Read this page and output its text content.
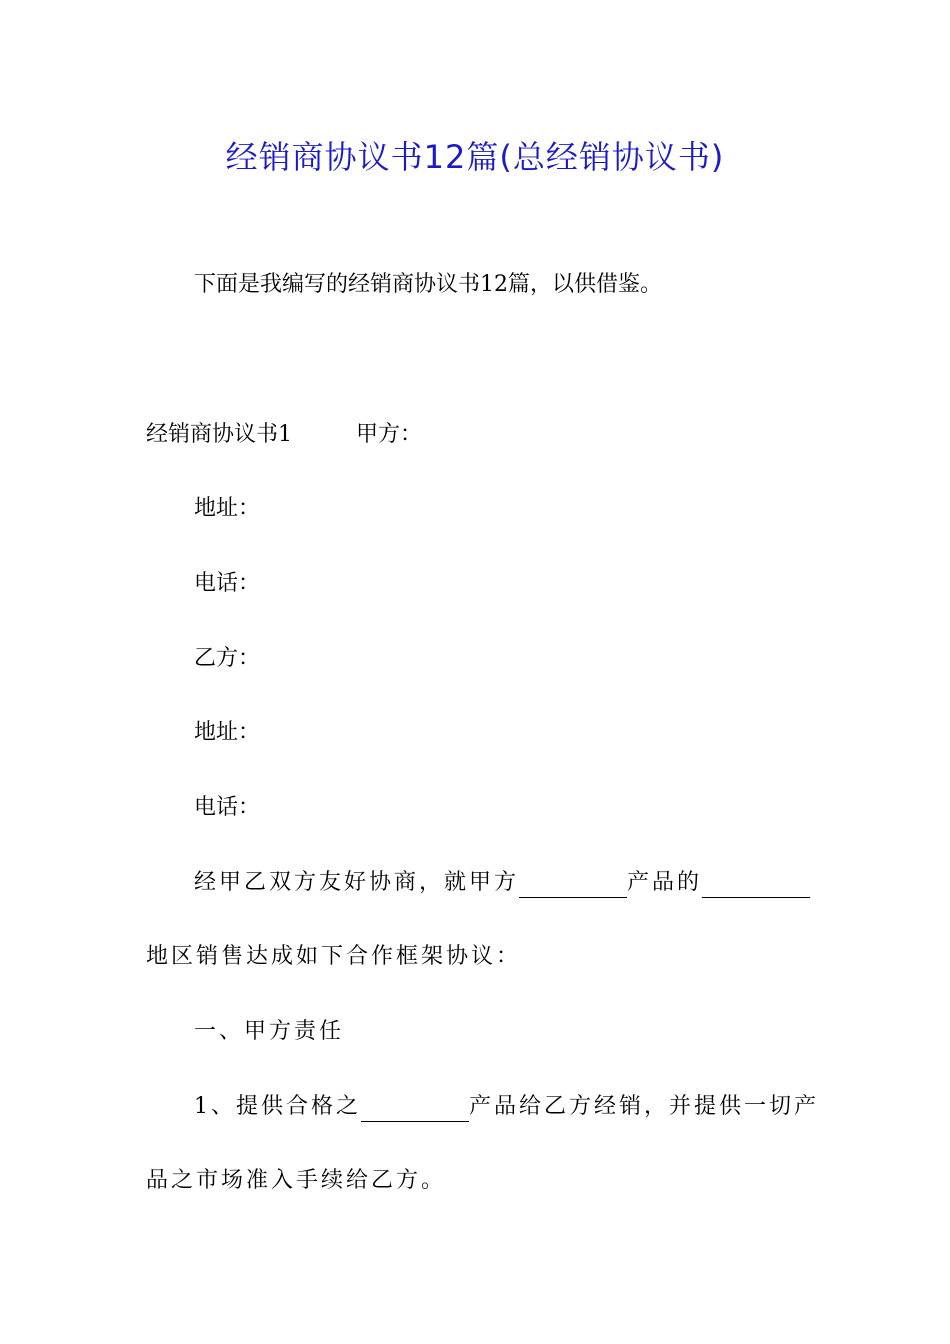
经销商协议书12篇(总经销协议书)
下面是我编写的经销商协议书12篇，以供借鉴。
经销商协议书1	甲方：
地址：
电话：
乙方：
地址：
电话：
经甲乙双方友好协商，就甲方	产品的
地区销售达成如下合作框架协议：
一、甲方责任
1、提供合格之	产品给乙方经销，并提供一切产
品之市场准入手续给乙方。
